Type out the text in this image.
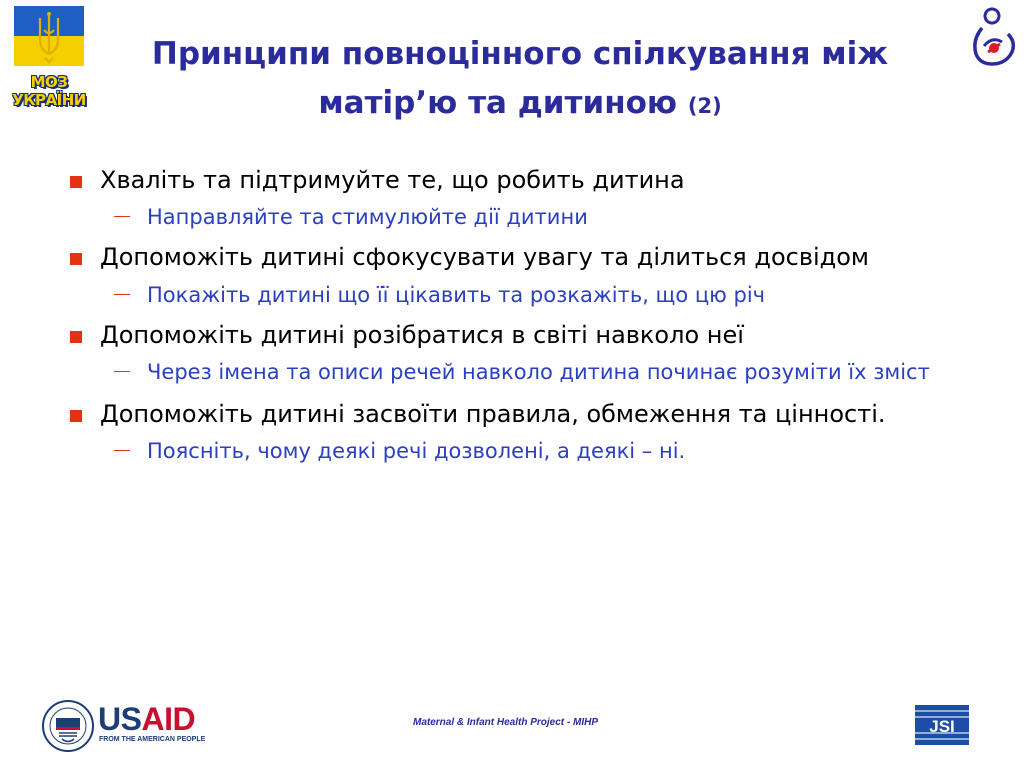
МОЗ
УКРАЇНИ
Принципи повноцінного спілкування між
матір’ю та дитиною (2)
Хваліть та підтримуйте те, що робить дитина
Направляйте та стимулюйте дії дитини
Допоможіть дитині сфокусувати увагу та ділиться досвідом
Покажіть дитині що її цікавить та розкажіть, що цю річ
Допоможіть дитині розібратися в світі навколо неї
Через імена та описи речей навколо дитина починає розуміти їх зміст
Допоможіть дитині засвоїти правила, обмеження та цінності.
Поясніть, чому деякі речі дозволені, а деякі – ні.
USAID
FROM THE AMERICAN PEOPLE
Maternal & Infant Health Project - MIHP	JSI
